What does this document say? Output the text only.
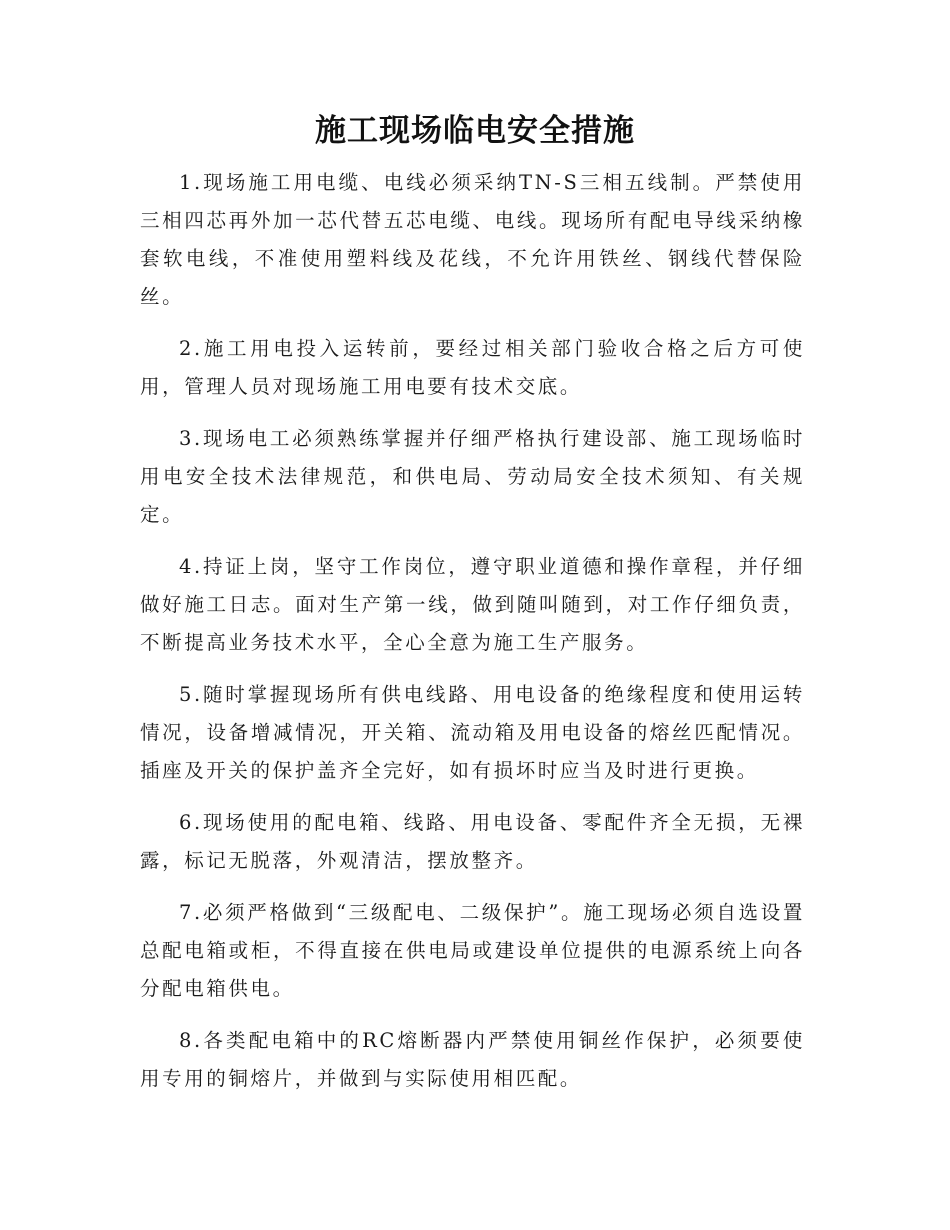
施工现场临电安全措施

1.现场施工用电缆、电线必须采纳TN-S三相五线制。严禁使用三相四芯再外加一芯代替五芯电缆、电线。现场所有配电导线采纳橡套软电线，不准使用塑料线及花线，不允许用铁丝、钢线代替保险丝。

2.施工用电投入运转前，要经过相关部门验收合格之后方可使用，管理人员对现场施工用电要有技术交底。

3.现场电工必须熟练掌握并仔细严格执行建设部、施工现场临时用电安全技术法律规范，和供电局、劳动局安全技术须知、有关规定。

4.持证上岗，坚守工作岗位，遵守职业道德和操作章程，并仔细做好施工日志。面对生产第一线，做到随叫随到，对工作仔细负责，不断提高业务技术水平，全心全意为施工生产服务。

5.随时掌握现场所有供电线路、用电设备的绝缘程度和使用运转情况，设备增减情况，开关箱、流动箱及用电设备的熔丝匹配情况。插座及开关的保护盖齐全完好，如有损坏时应当及时进行更换。

6.现场使用的配电箱、线路、用电设备、零配件齐全无损，无裸露，标记无脱落，外观清洁，摆放整齐。

7.必须严格做到“三级配电、二级保护”。施工现场必须自选设置总配电箱或柜，不得直接在供电局或建设单位提供的电源系统上向各分配电箱供电。

8.各类配电箱中的RC熔断器内严禁使用铜丝作保护，必须要使用专用的铜熔片，并做到与实际使用相匹配。
